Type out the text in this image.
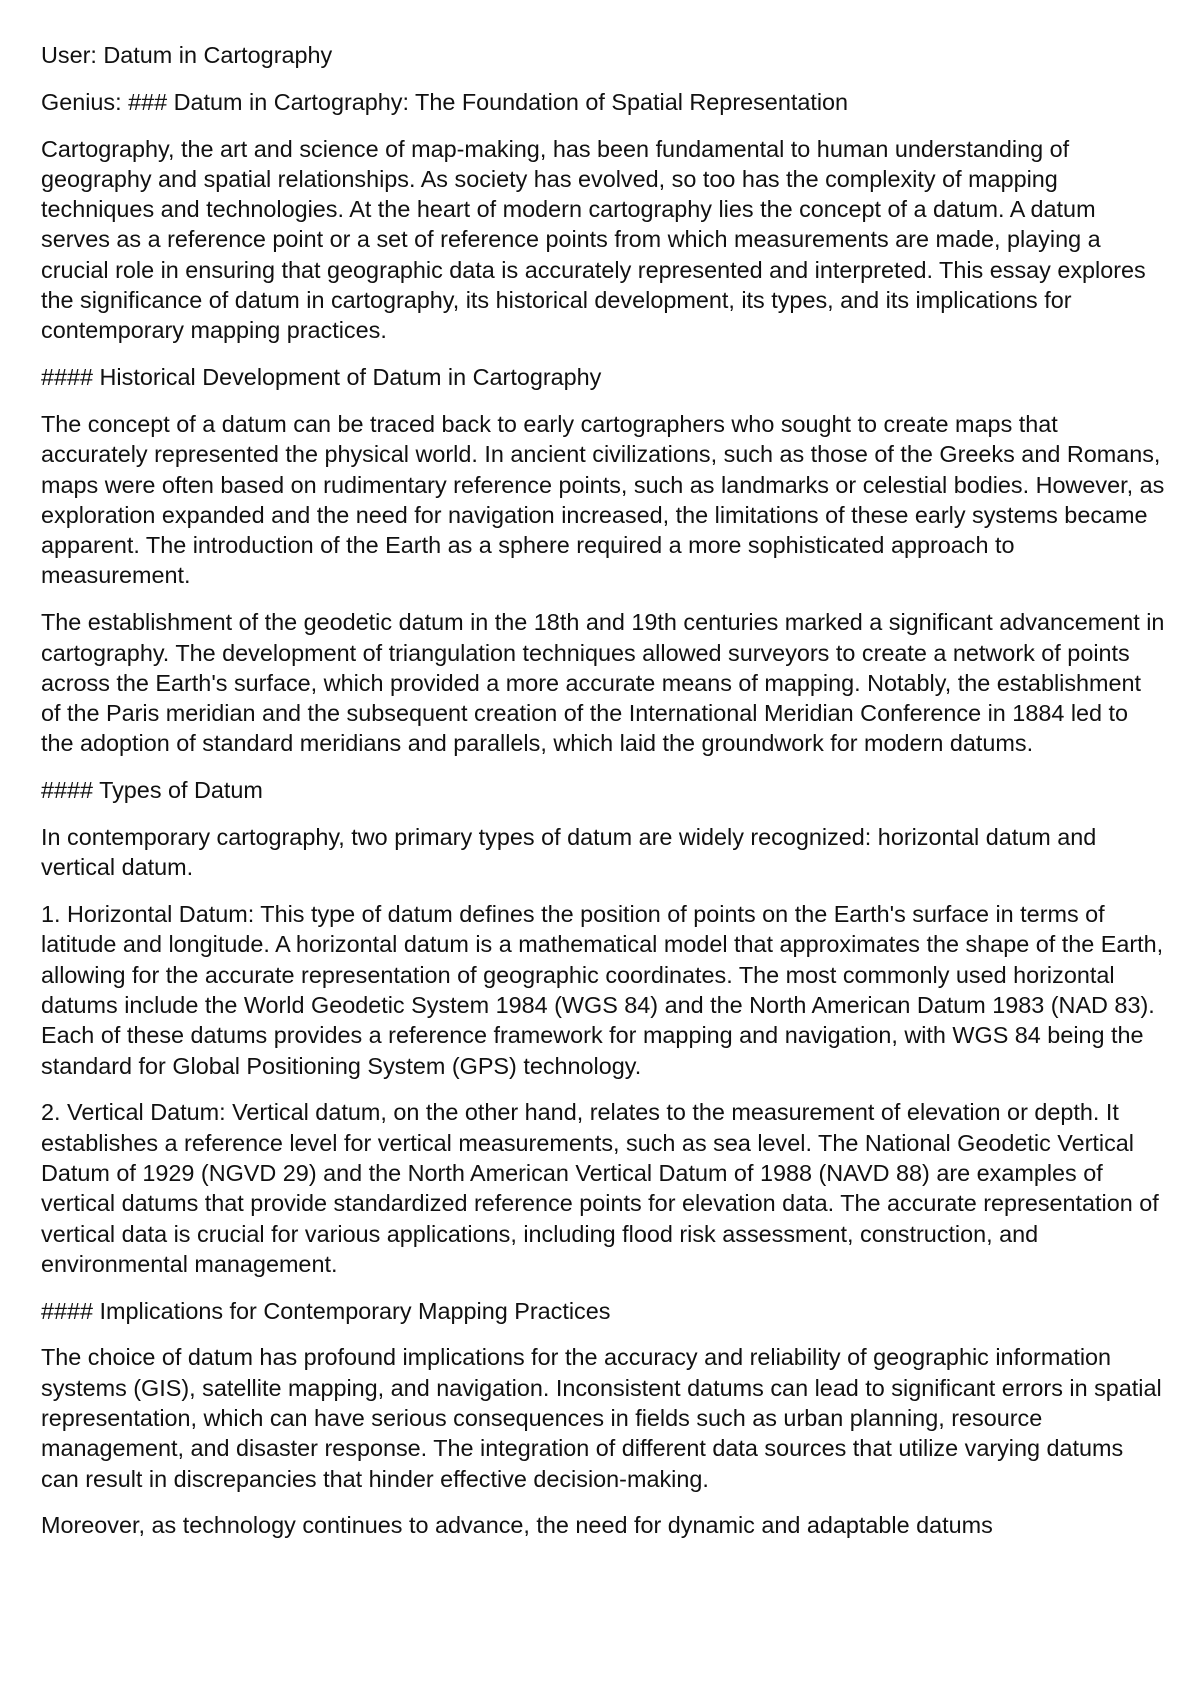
User: Datum in Cartography

Genius: ### Datum in Cartography: The Foundation of Spatial Representation

Cartography, the art and science of map-making, has been fundamental to human understanding of geography and spatial relationships. As society has evolved, so too has the complexity of mapping techniques and technologies. At the heart of modern cartography lies the concept of a datum. A datum serves as a reference point or a set of reference points from which measurements are made, playing a crucial role in ensuring that geographic data is accurately represented and interpreted. This essay explores the significance of datum in cartography, its historical development, its types, and its implications for contemporary mapping practices.

#### Historical Development of Datum in Cartography

The concept of a datum can be traced back to early cartographers who sought to create maps that accurately represented the physical world. In ancient civilizations, such as those of the Greeks and Romans, maps were often based on rudimentary reference points, such as landmarks or celestial bodies. However, as exploration expanded and the need for navigation increased, the limitations of these early systems became apparent. The introduction of the Earth as a sphere required a more sophisticated approach to measurement.

The establishment of the geodetic datum in the 18th and 19th centuries marked a significant advancement in cartography. The development of triangulation techniques allowed surveyors to create a network of points across the Earth's surface, which provided a more accurate means of mapping. Notably, the establishment of the Paris meridian and the subsequent creation of the International Meridian Conference in 1884 led to the adoption of standard meridians and parallels, which laid the groundwork for modern datums.

#### Types of Datum

In contemporary cartography, two primary types of datum are widely recognized: horizontal datum and vertical datum.

1. Horizontal Datum: This type of datum defines the position of points on the Earth's surface in terms of latitude and longitude. A horizontal datum is a mathematical model that approximates the shape of the Earth, allowing for the accurate representation of geographic coordinates. The most commonly used horizontal datums include the World Geodetic System 1984 (WGS 84) and the North American Datum 1983 (NAD 83). Each of these datums provides a reference framework for mapping and navigation, with WGS 84 being the standard for Global Positioning System (GPS) technology.

2. Vertical Datum: Vertical datum, on the other hand, relates to the measurement of elevation or depth. It establishes a reference level for vertical measurements, such as sea level. The National Geodetic Vertical Datum of 1929 (NGVD 29) and the North American Vertical Datum of 1988 (NAVD 88) are examples of vertical datums that provide standardized reference points for elevation data. The accurate representation of vertical data is crucial for various applications, including flood risk assessment, construction, and environmental management.

#### Implications for Contemporary Mapping Practices

The choice of datum has profound implications for the accuracy and reliability of geographic information systems (GIS), satellite mapping, and navigation. Inconsistent datums can lead to significant errors in spatial representation, which can have serious consequences in fields such as urban planning, resource management, and disaster response. The integration of different data sources that utilize varying datums can result in discrepancies that hinder effective decision-making.

Moreover, as technology continues to advance, the need for dynamic and adaptable datums
